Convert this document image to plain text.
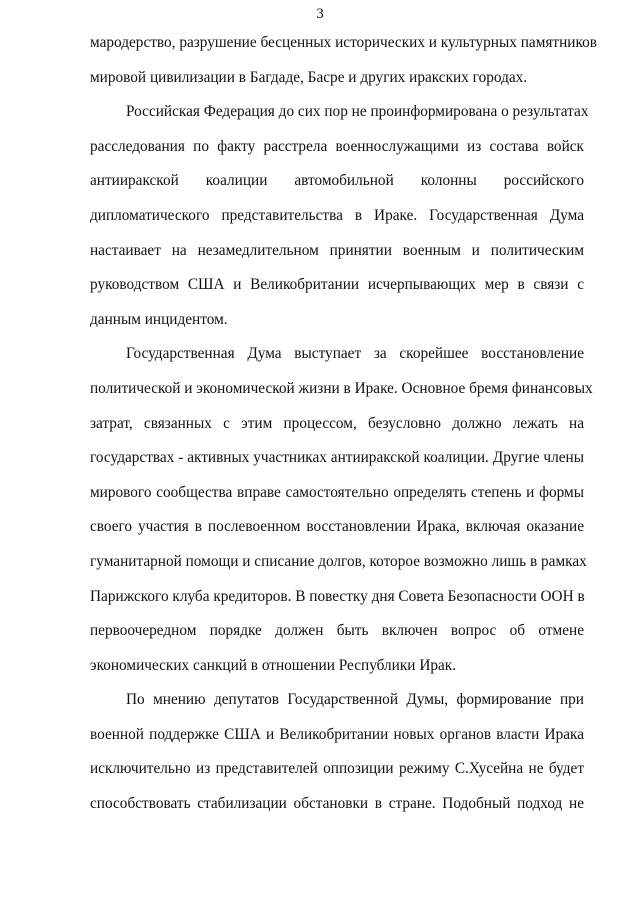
3
мародерство, разрушение бесценных исторических и культурных памятников
мировой цивилизации в Багдаде, Басре и других иракских городах.
Российская Федерация до сих пор не проинформирована о результатах
расследования по факту расстрела военнослужащими из состава войск
антииракской коалиции автомобильной колонны российского
дипломатического представительства в Ираке. Государственная Дума
настаивает на незамедлительном принятии военным и политическим
руководством США и Великобритании исчерпывающих мер в связи с
данным инцидентом.
Государственная Дума выступает за скорейшее восстановление
политической и экономической жизни в Ираке. Основное бремя финансовых
затрат, связанных с этим процессом, безусловно должно лежать на
государствах - активных участниках антииракской коалиции. Другие члены
мирового сообщества вправе самостоятельно определять степень и формы
своего участия в послевоенном восстановлении Ирака, включая оказание
гуманитарной помощи и списание долгов, которое возможно лишь в рамках
Парижского клуба кредиторов. В повестку дня Совета Безопасности ООН в
первоочередном порядке должен быть включен вопрос об отмене
экономических санкций в отношении Республики Ирак.
По мнению депутатов Государственной Думы, формирование при
военной поддержке США и Великобритании новых органов власти Ирака
исключительно из представителей оппозиции режиму С.Хусейна не будет
способствовать стабилизации обстановки в стране. Подобный подход не
